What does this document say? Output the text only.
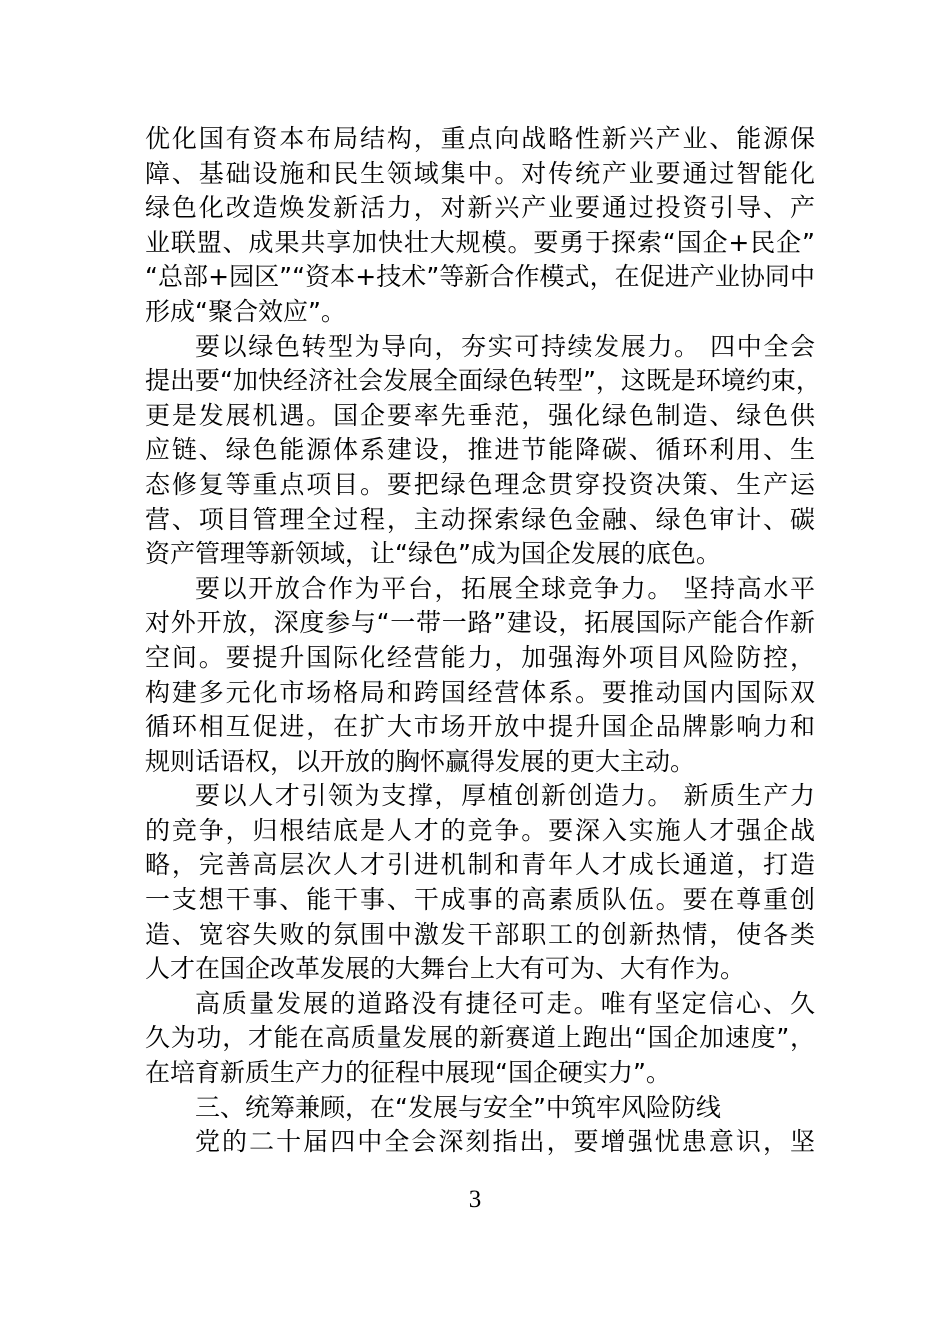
优化国有资本布局结构，重点向战略性新兴产业、能源保
障、基础设施和民生领域集中。对传统产业要通过智能化
绿色化改造焕发新活力，对新兴产业要通过投资引导、产
业联盟、成果共享加快壮大规模。要勇于探索“国企+民企”
“总部+园区”“资本+技术”等新合作模式，在促进产业协同中
形成“聚合效应”。
要以绿色转型为导向，夯实可持续发展力。 四中全会
提出要“加快经济社会发展全面绿色转型”，这既是环境约束，
更是发展机遇。国企要率先垂范，强化绿色制造、绿色供
应链、绿色能源体系建设，推进节能降碳、循环利用、生
态修复等重点项目。要把绿色理念贯穿投资决策、生产运
营、项目管理全过程，主动探索绿色金融、绿色审计、碳
资产管理等新领域，让“绿色”成为国企发展的底色。
要以开放合作为平台，拓展全球竞争力。 坚持高水平
对外开放，深度参与“一带一路”建设，拓展国际产能合作新
空间。要提升国际化经营能力，加强海外项目风险防控，
构建多元化市场格局和跨国经营体系。要推动国内国际双
循环相互促进，在扩大市场开放中提升国企品牌影响力和
规则话语权，以开放的胸怀赢得发展的更大主动。
要以人才引领为支撑，厚植创新创造力。 新质生产力
的竞争，归根结底是人才的竞争。要深入实施人才强企战
略，完善高层次人才引进机制和青年人才成长通道，打造
一支想干事、能干事、干成事的高素质队伍。要在尊重创
造、宽容失败的氛围中激发干部职工的创新热情，使各类
人才在国企改革发展的大舞台上大有可为、大有作为。
高质量发展的道路没有捷径可走。唯有坚定信心、久
久为功，才能在高质量发展的新赛道上跑出“国企加速度”，
在培育新质生产力的征程中展现“国企硬实力”。
三、统筹兼顾，在“发展与安全”中筑牢风险防线
党的二十届四中全会深刻指出，要增强忧患意识，坚
3
